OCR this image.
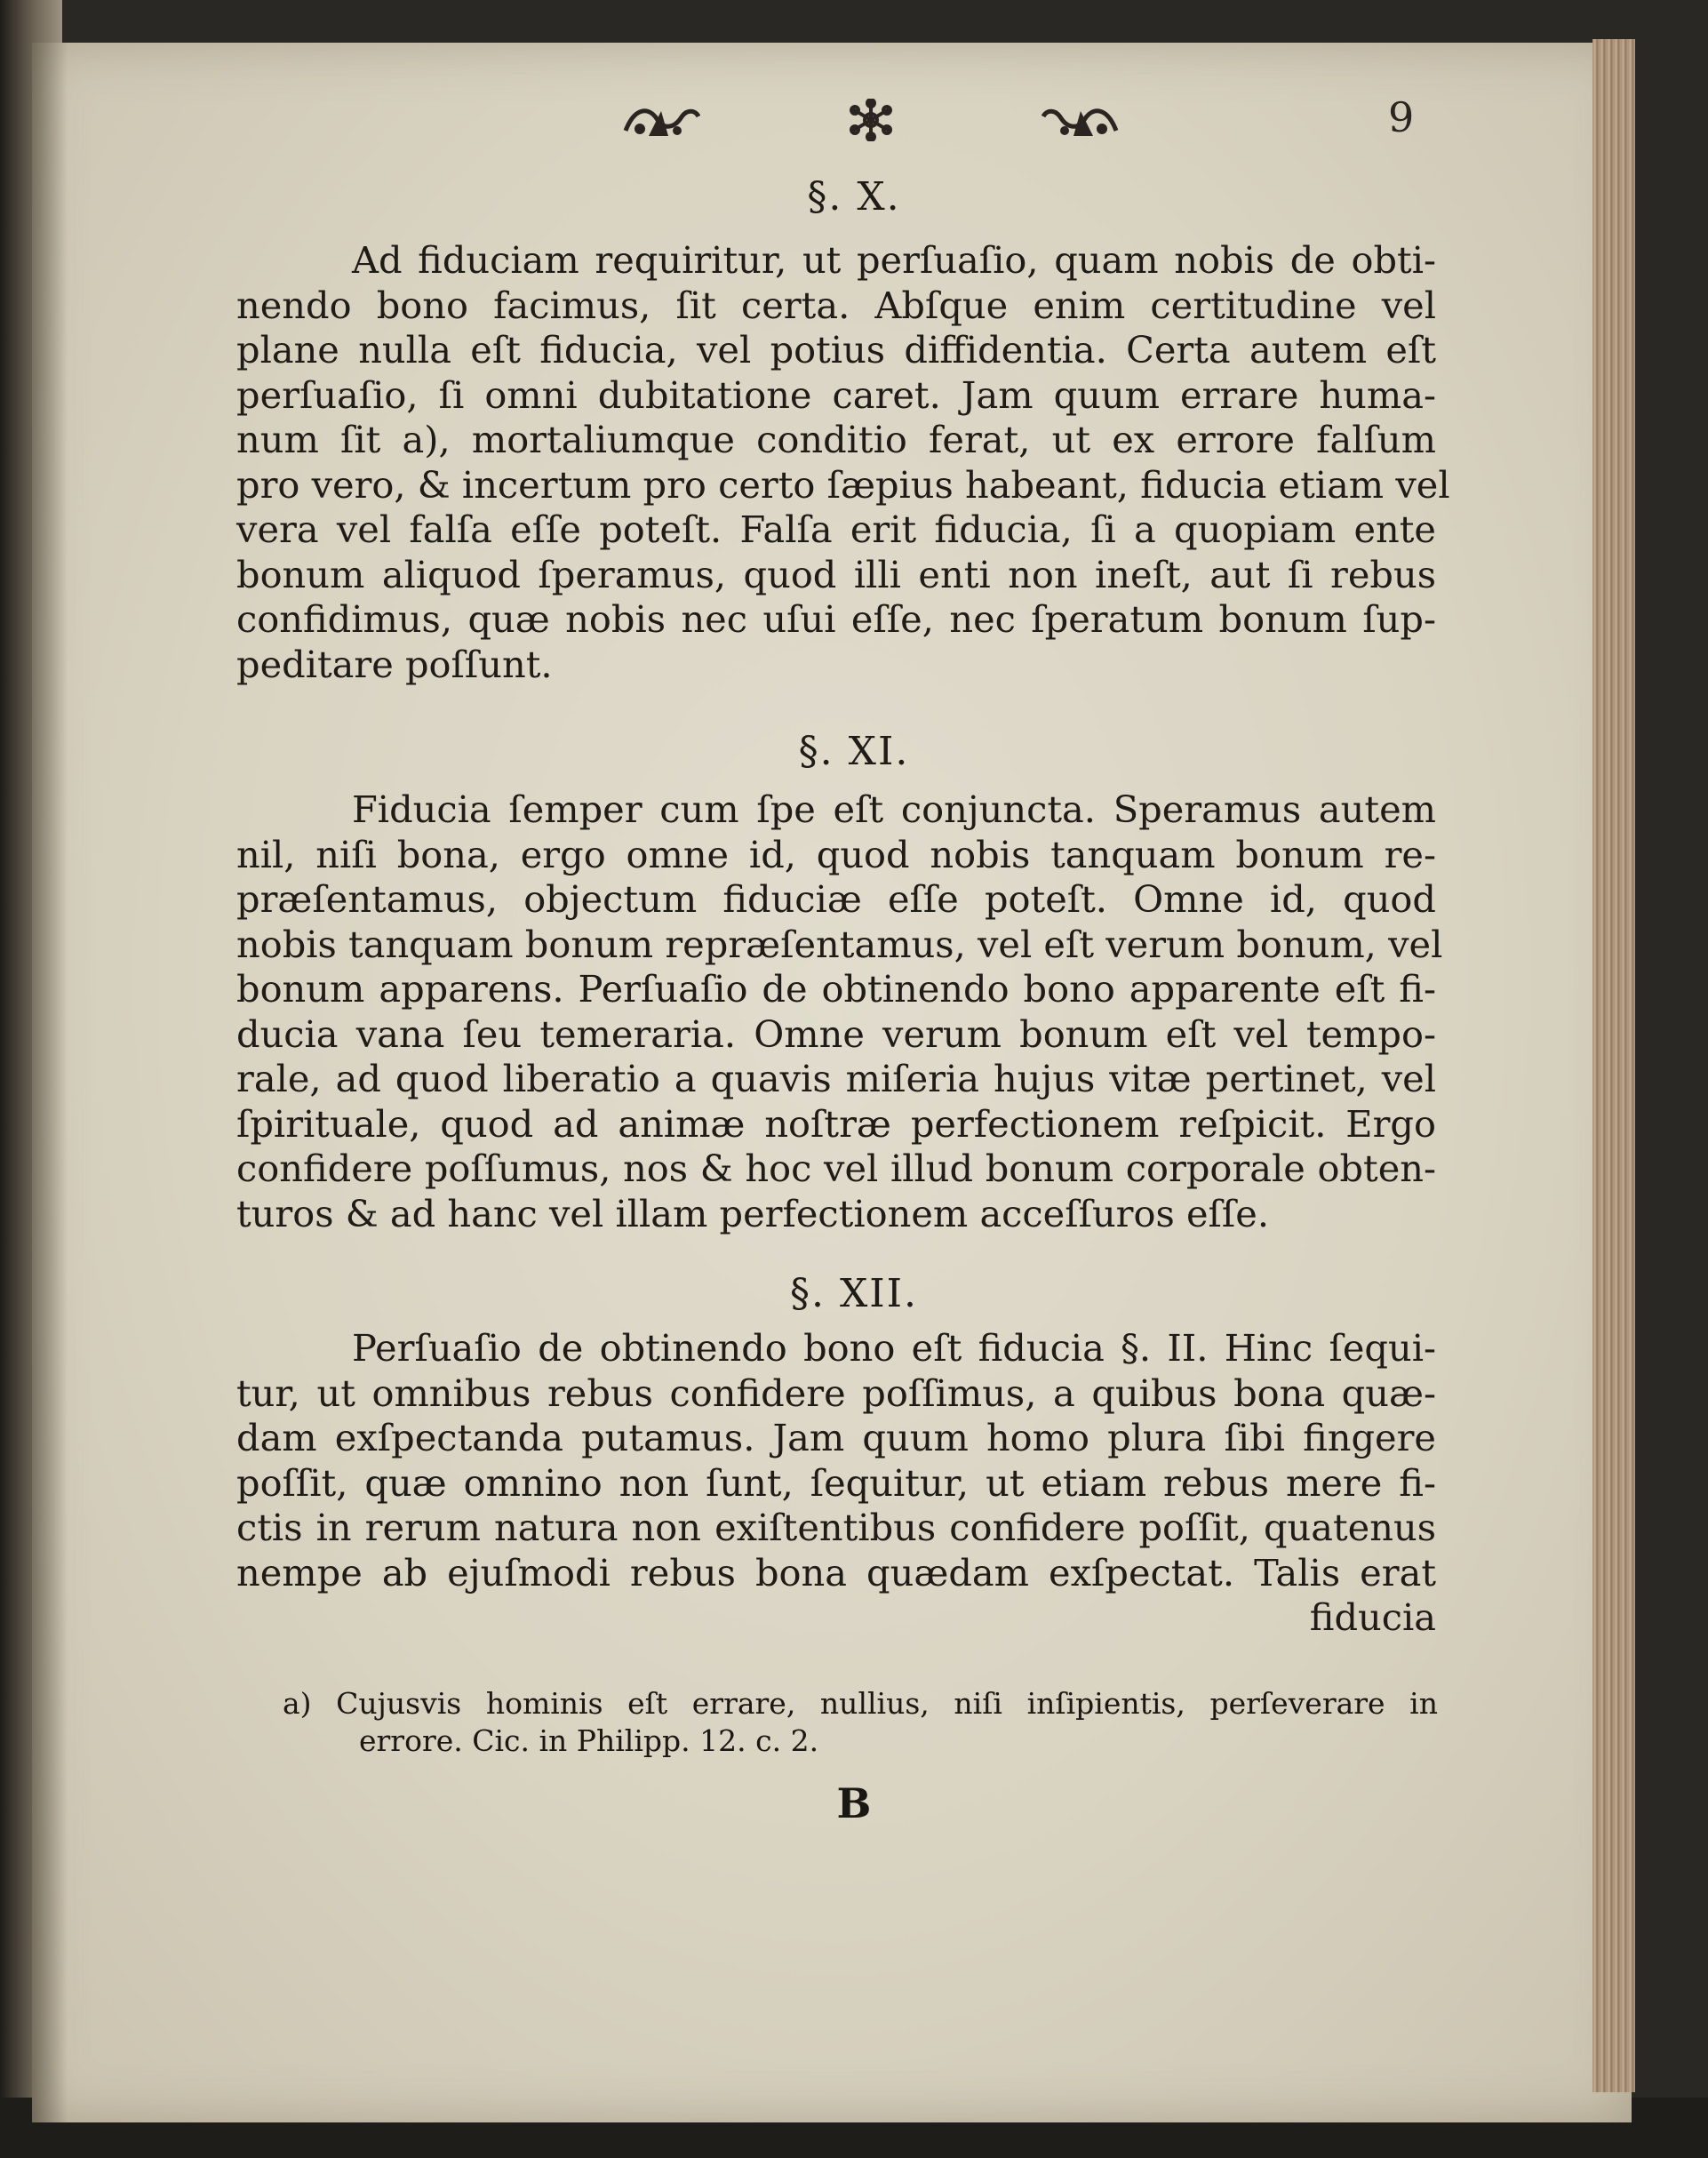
9
§. X.
Ad fiduciam requiritur, ut perſuaſio, quam nobis de obti-
nendo bono facimus, ſit certa. Abſque enim certitudine vel
plane nulla eſt fiducia, vel potius diffidentia. Certa autem eſt
perſuaſio, ſi omni dubitatione caret. Jam quum errare huma-
num ſit a), mortaliumque conditio ferat, ut ex errore falſum
pro vero, & incertum pro certo ſæpius habeant, fiducia etiam vel
vera vel falſa eſſe poteſt. Falſa erit fiducia, ſi a quopiam ente
bonum aliquod ſperamus, quod illi enti non ineſt, aut ſi rebus
confidimus, quæ nobis nec uſui eſſe, nec ſperatum bonum ſup-
peditare poſſunt.
§. XI.
Fiducia ſemper cum ſpe eſt conjuncta. Speramus autem
nil, niſi bona, ergo omne id, quod nobis tanquam bonum re-
præſentamus, objectum fiduciæ eſſe poteſt. Omne id, quod
nobis tanquam bonum repræſentamus, vel eſt verum bonum, vel
bonum apparens. Perſuaſio de obtinendo bono apparente eſt fi-
ducia vana ſeu temeraria. Omne verum bonum eſt vel tempo-
rale, ad quod liberatio a quavis miſeria hujus vitæ pertinet, vel
ſpirituale, quod ad animæ noſtræ perfectionem reſpicit. Ergo
confidere poſſumus, nos & hoc vel illud bonum corporale obten-
turos & ad hanc vel illam perfectionem acceſſuros eſſe.
§. XII.
Perſuaſio de obtinendo bono eſt fiducia §. II. Hinc ſequi-
tur, ut omnibus rebus confidere poſſimus, a quibus bona quæ-
dam exſpectanda putamus. Jam quum homo plura ſibi fingere
poſſit, quæ omnino non ſunt, ſequitur, ut etiam rebus mere fi-
ctis in rerum natura non exiſtentibus confidere poſſit, quatenus
nempe ab ejuſmodi rebus bona quædam exſpectat. Talis erat
fiducia
a) Cujusvis hominis eſt errare, nullius, niſi inſipientis, perſeverare in
errore. Cic. in Philipp. 12. c. 2.
B
